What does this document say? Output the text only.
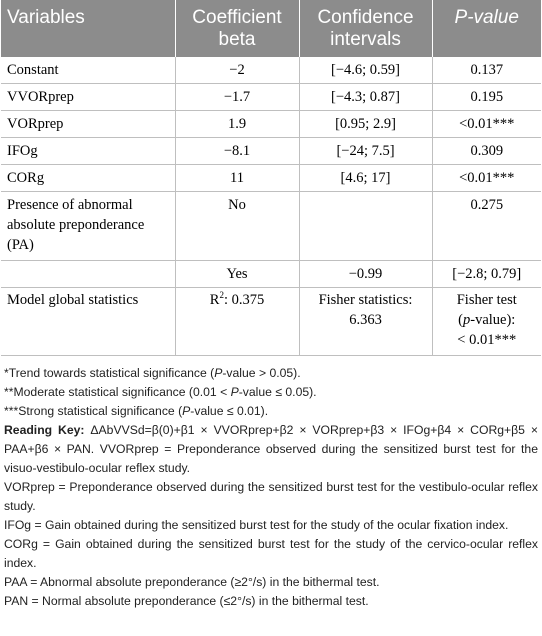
Variables	Coefficient beta	Confidence intervals	P-value
Constant	−2	[−4.6; 0.59]	0.137
VVORprep	−1.7	[−4.3; 0.87]	0.195
VORprep	1.9	[0.95; 2.9]	<0.01***
IFOg	−8.1	[−24; 7.5]	0.309
CORg	11	[4.6; 17]	<0.01***
Presence of abnormal absolute preponderance (PA)	No		0.275
	Yes	−0.99	[−2.8; 0.79]
Model global statistics	$R^2$: 0.375	Fisher statistics: 6.363	Fisher test
(p-value):
< 0.01***

*Trend towards statistical significance (P-value > 0.05).

**Moderate statistical significance (0.01 < P-value ≤ 0.05).

***Strong statistical significance (P-value ≤ 0.01).

Reading Key: ΔAbVVSd=β(0)+β1 × VVORprep+β2 × VORprep+β3 × IFOg+β4 × CORg+β5 × PAA+β6 × PAN. VVORprep = Preponderance observed during the sensitized burst test for the visuo-vestibulo-ocular reflex study.

VORprep = Preponderance observed during the sensitized burst test for the vestibulo-ocular reflex study.

IFOg = Gain obtained during the sensitized burst test for the study of the ocular fixation index.

CORg = Gain obtained during the sensitized burst test for the study of the cervico-ocular reflex index.

PAA = Abnormal absolute preponderance (≥2°/s) in the bithermal test.

PAN = Normal absolute preponderance (≤2°/s) in the bithermal test.
